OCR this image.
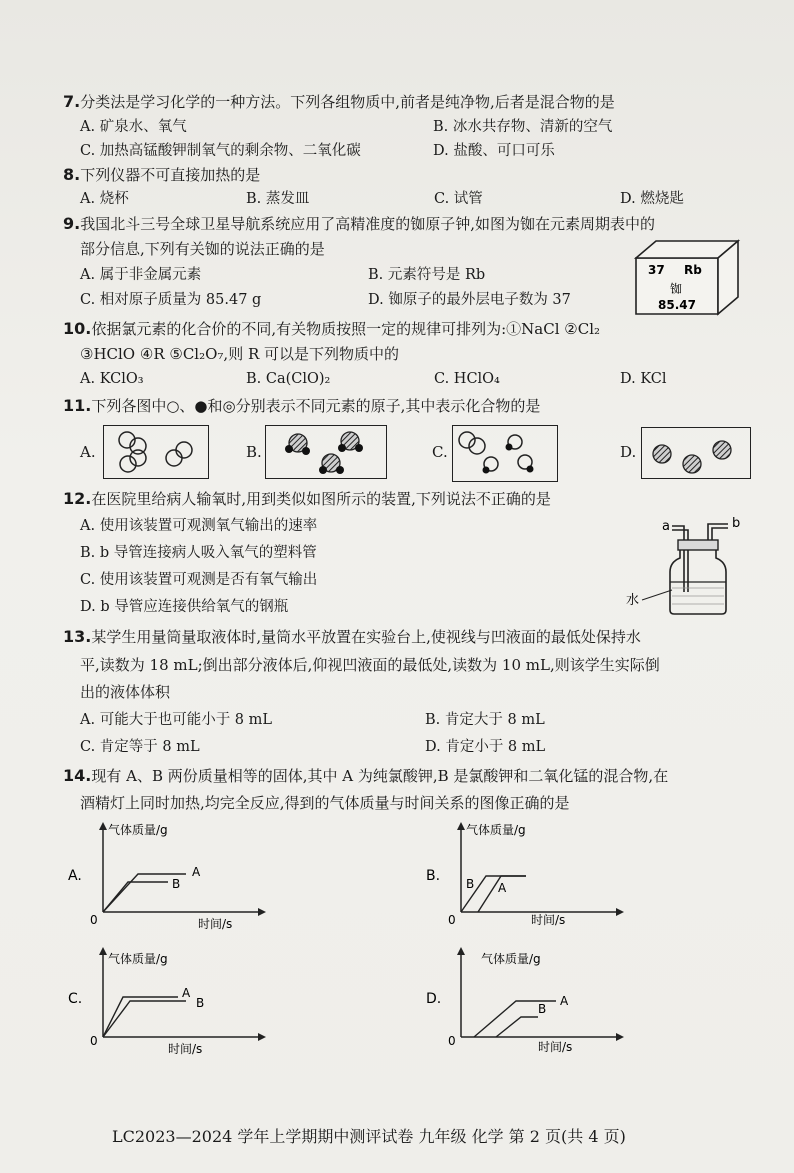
7.分类法是学习化学的一种方法。下列各组物质中,前者是纯净物,后者是混合物的是
A. 矿泉水、氧气	B. 冰水共存物、清新的空气
C. 加热高锰酸钾制氧气的剩余物、二氧化碳	D. 盐酸、可口可乐
8.下列仪器不可直接加热的是
A. 烧杯	B. 蒸发皿	C. 试管	D. 燃烧匙
9.我国北斗三号全球卫星导航系统应用了高精准度的铷原子钟,如图为铷在元素周期表中的
部分信息,下列有关铷的说法正确的是
A. 属于非金属元素	B. 元素符号是 Rb
C. 相对原子质量为 85.47 g	D. 铷原子的最外层电子数为 37
37 Rb
铷
85.47
10.依据氯元素的化合价的不同,有关物质按照一定的规律可排列为:①NaCl ②Cl₂
③HClO ④R ⑤Cl₂O₇,则 R 可以是下列物质中的
A. KClO₃	B. Ca(ClO)₂	C. HClO₄	D. KCl
11.下列各图中○、●和◎分别表示不同元素的原子,其中表示化合物的是
A.	B.	C.	D.
12.在医院里给病人输氧时,用到类似如图所示的装置,下列说法不正确的是
A. 使用该装置可观测氧气输出的速率
B. b 导管连接病人吸入氧气的塑料管
C. 使用该装置可观测是否有氧气输出
D. b 导管应连接供给氧气的钢瓶
a	b
水
13.某学生用量筒量取液体时,量筒水平放置在实验台上,使视线与凹液面的最低处保持水
平,读数为 18 mL;倒出部分液体后,仰视凹液面的最低处,读数为 10 mL,则该学生实际倒
出的液体体积
A. 可能大于也可能小于 8 mL	B. 肯定大于 8 mL
C. 肯定等于 8 mL	D. 肯定小于 8 mL
14.现有 A、B 两份质量相等的固体,其中 A 为纯氯酸钾,B 是氯酸钾和二氧化锰的混合物,在
酒精灯上同时加热,均完全反应,得到的气体质量与时间关系的图像正确的是
A.
气体质量/g
时间/s
0
A
B	B.
气体质量/g
时间/s
0
B A
C.
气体质量/g
时间/s
0
A
B	D.
气体质量/g
时间/s
0
A
B
LC2023—2024 学年上学期期中测评试卷 九年级 化学 第 2 页(共 4 页)
